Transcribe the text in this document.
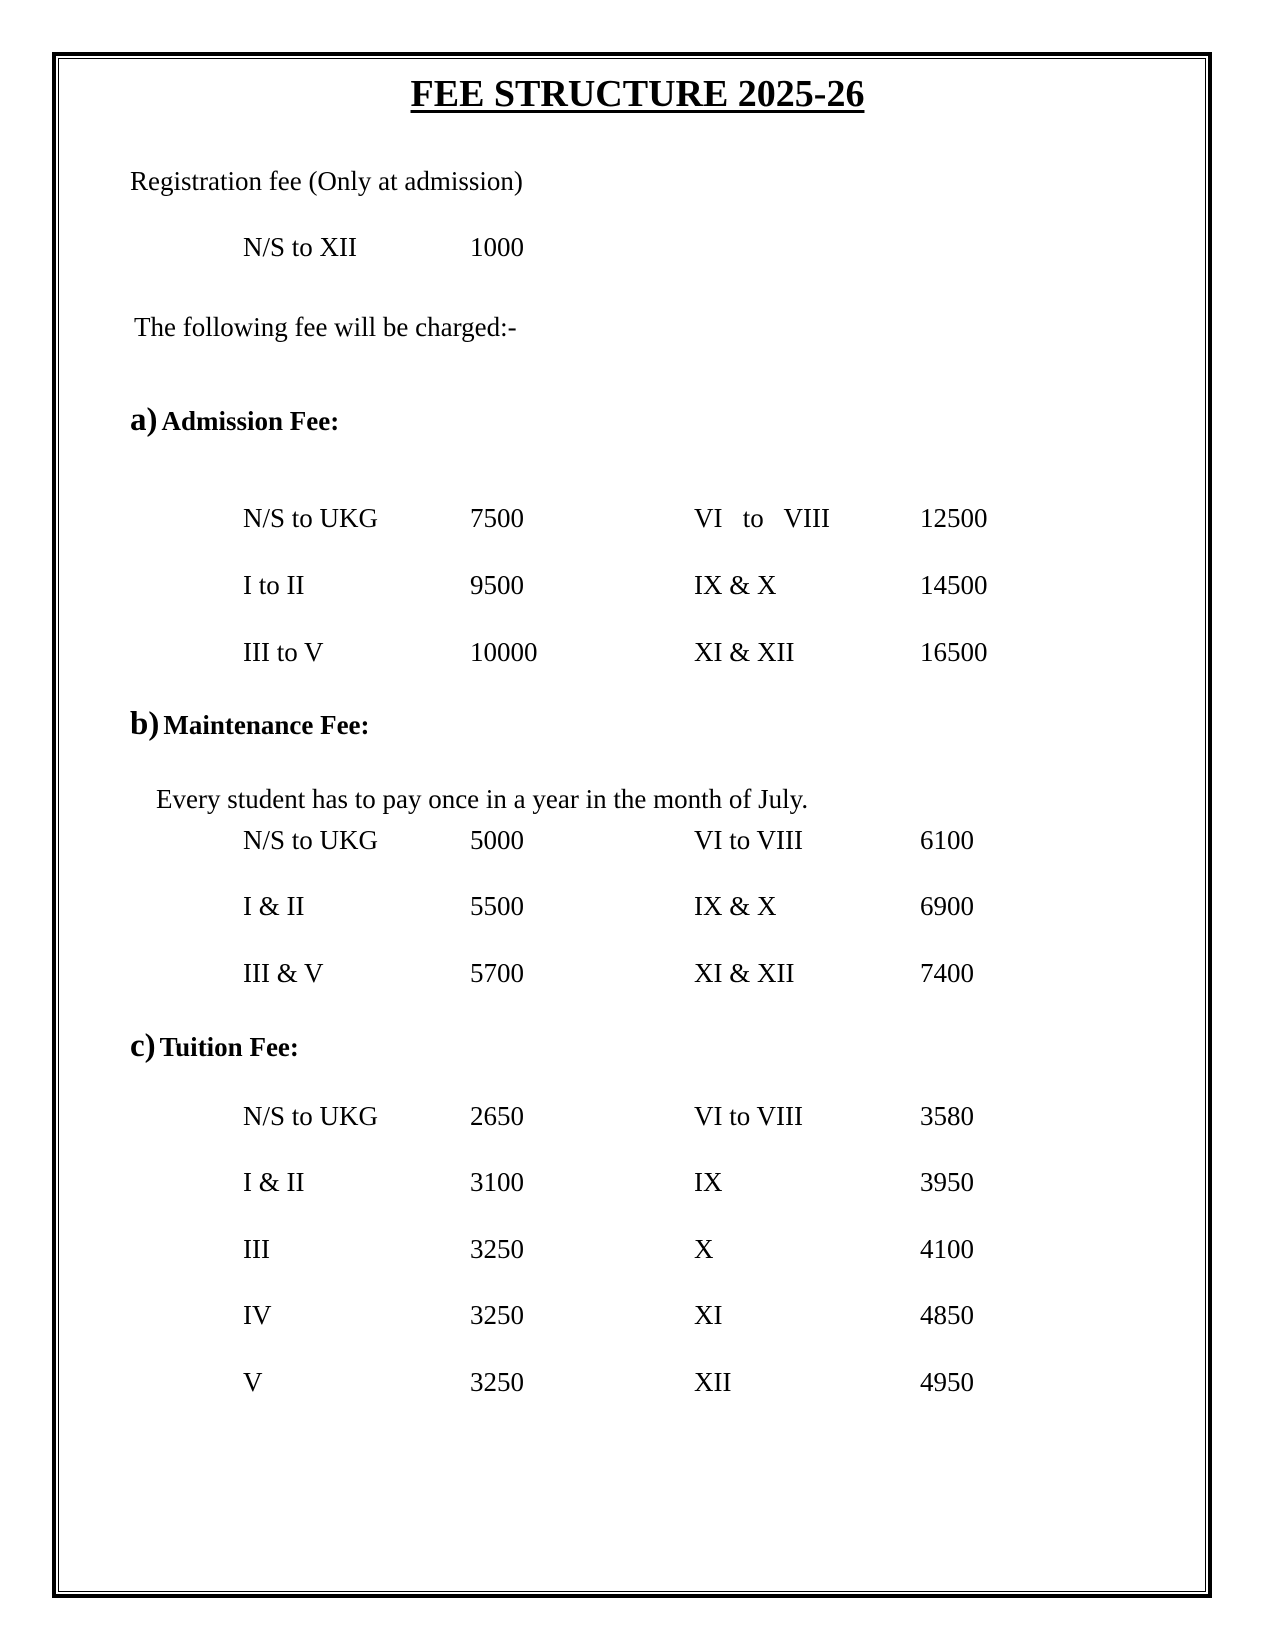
FEE STRUCTURE 2025-26
Registration fee (Only at admission)
N/S to XII	1000
The following fee will be charged:-
a) Admission Fee:
N/S to UKG	7500	VI   to   VIII	12500
I to II	9500	IX & X	14500
III to V	10000	XI & XII	16500
b) Maintenance Fee:
Every student has to pay once in a year in the month of July.
N/S to UKG	5000	VI to VIII	6100
I & II	5500	IX & X	6900
III & V	5700	XI & XII	7400
c) Tuition Fee:
N/S to UKG	2650	VI to VIII	3580
I & II	3100	IX	3950
III	3250	X	4100
IV	3250	XI	4850
V	3250	XII	4950
